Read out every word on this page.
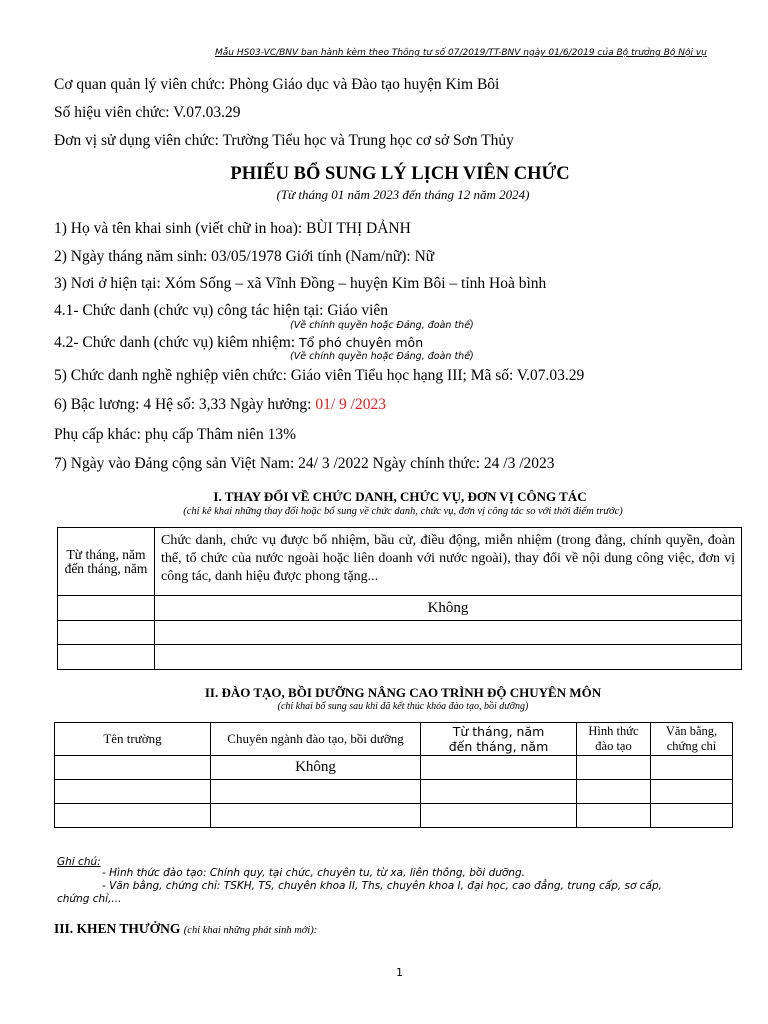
Mẫu HS03-VC/BNV ban hành kèm theo Thông tư số 07/2019/TT-BNV ngày 01/6/2019 của Bộ trưởng Bộ Nội vụ
Cơ quan quản lý viên chức: Phòng Giáo dục và Đào tạo huyện Kim Bôi
Số hiệu viên chức: V.07.03.29
Đơn vị sử dụng viên chức: Trường Tiểu học và Trung học cơ sở Sơn Thủy
PHIẾU BỔ SUNG LÝ LỊCH VIÊN CHỨC
(Từ tháng 01 năm 2023 đến tháng 12 năm 2024)
1) Họ và tên khai sinh (viết chữ in hoa): BÙI THỊ DẢNH
2) Ngày tháng năm sinh: 03/05/1978 Giới tính (Nam/nữ): Nữ
3) Nơi ở hiện tại: Xóm Sống – xã Vĩnh Đồng – huyện Kim Bôi – tỉnh Hoà bình
4.1- Chức danh (chức vụ) công tác hiện tại: Giáo viên
(Về chính quyền hoặc Đảng, đoàn thể)
4.2- Chức danh (chức vụ) kiêm nhiệm: Tổ phó chuyên môn
(Về chính quyền hoặc Đảng, đoàn thể)
5) Chức danh nghề nghiệp viên chức: Giáo viên Tiểu học hạng III; Mã số: V.07.03.29
6) Bậc lương: 4 Hệ số: 3,33 Ngày hưởng: 01/ 9 /2023
Phụ cấp khác: phụ cấp Thâm niên 13%
7) Ngày vào Đảng cộng sản Việt Nam: 24/ 3 /2022 Ngày chính thức: 24 /3 /2023
I. THAY ĐỔI VỀ CHỨC DANH, CHỨC VỤ, ĐƠN VỊ CÔNG TÁC
(chỉ kê khai những thay đổi hoặc bổ sung về chức danh, chức vụ, đơn vị công tác so với thời điểm trước)
Từ tháng, năm
đến tháng, năm	Chức danh, chức vụ được bổ nhiệm, bầu cử, điều động, miễn nhiệm (trong đảng, chính quyền, đoàn thể, tổ chức của nước ngoài hoặc liên doanh với nước ngoài), thay đổi về nội dung công việc, đơn vị công tác, danh hiệu được phong tặng...
	Không

II. ĐÀO TẠO, BỒI DƯỠNG NÂNG CAO TRÌNH ĐỘ CHUYÊN MÔN
(chỉ khai bổ sung sau khi đã kết thúc khóa đào tạo, bồi dưỡng)
Tên trường	Chuyên ngành đào tạo, bồi dưỡng	Từ tháng, năm
đến tháng, năm	Hình thức
đào tạo	Văn bằng,
chứng chỉ
	Không			

Ghi chú:
- Hình thức đào tạo: Chính quy, tại chức, chuyên tu, từ xa, liên thông, bồi dưỡng.
- Văn bằng, chứng chỉ: TSKH, TS, chuyên khoa II, Ths, chuyên khoa I, đại học, cao đẳng, trung cấp, sơ cấp,
chứng chỉ,...
III. KHEN THƯỞNG (chỉ khai những phát sinh mới):
1
